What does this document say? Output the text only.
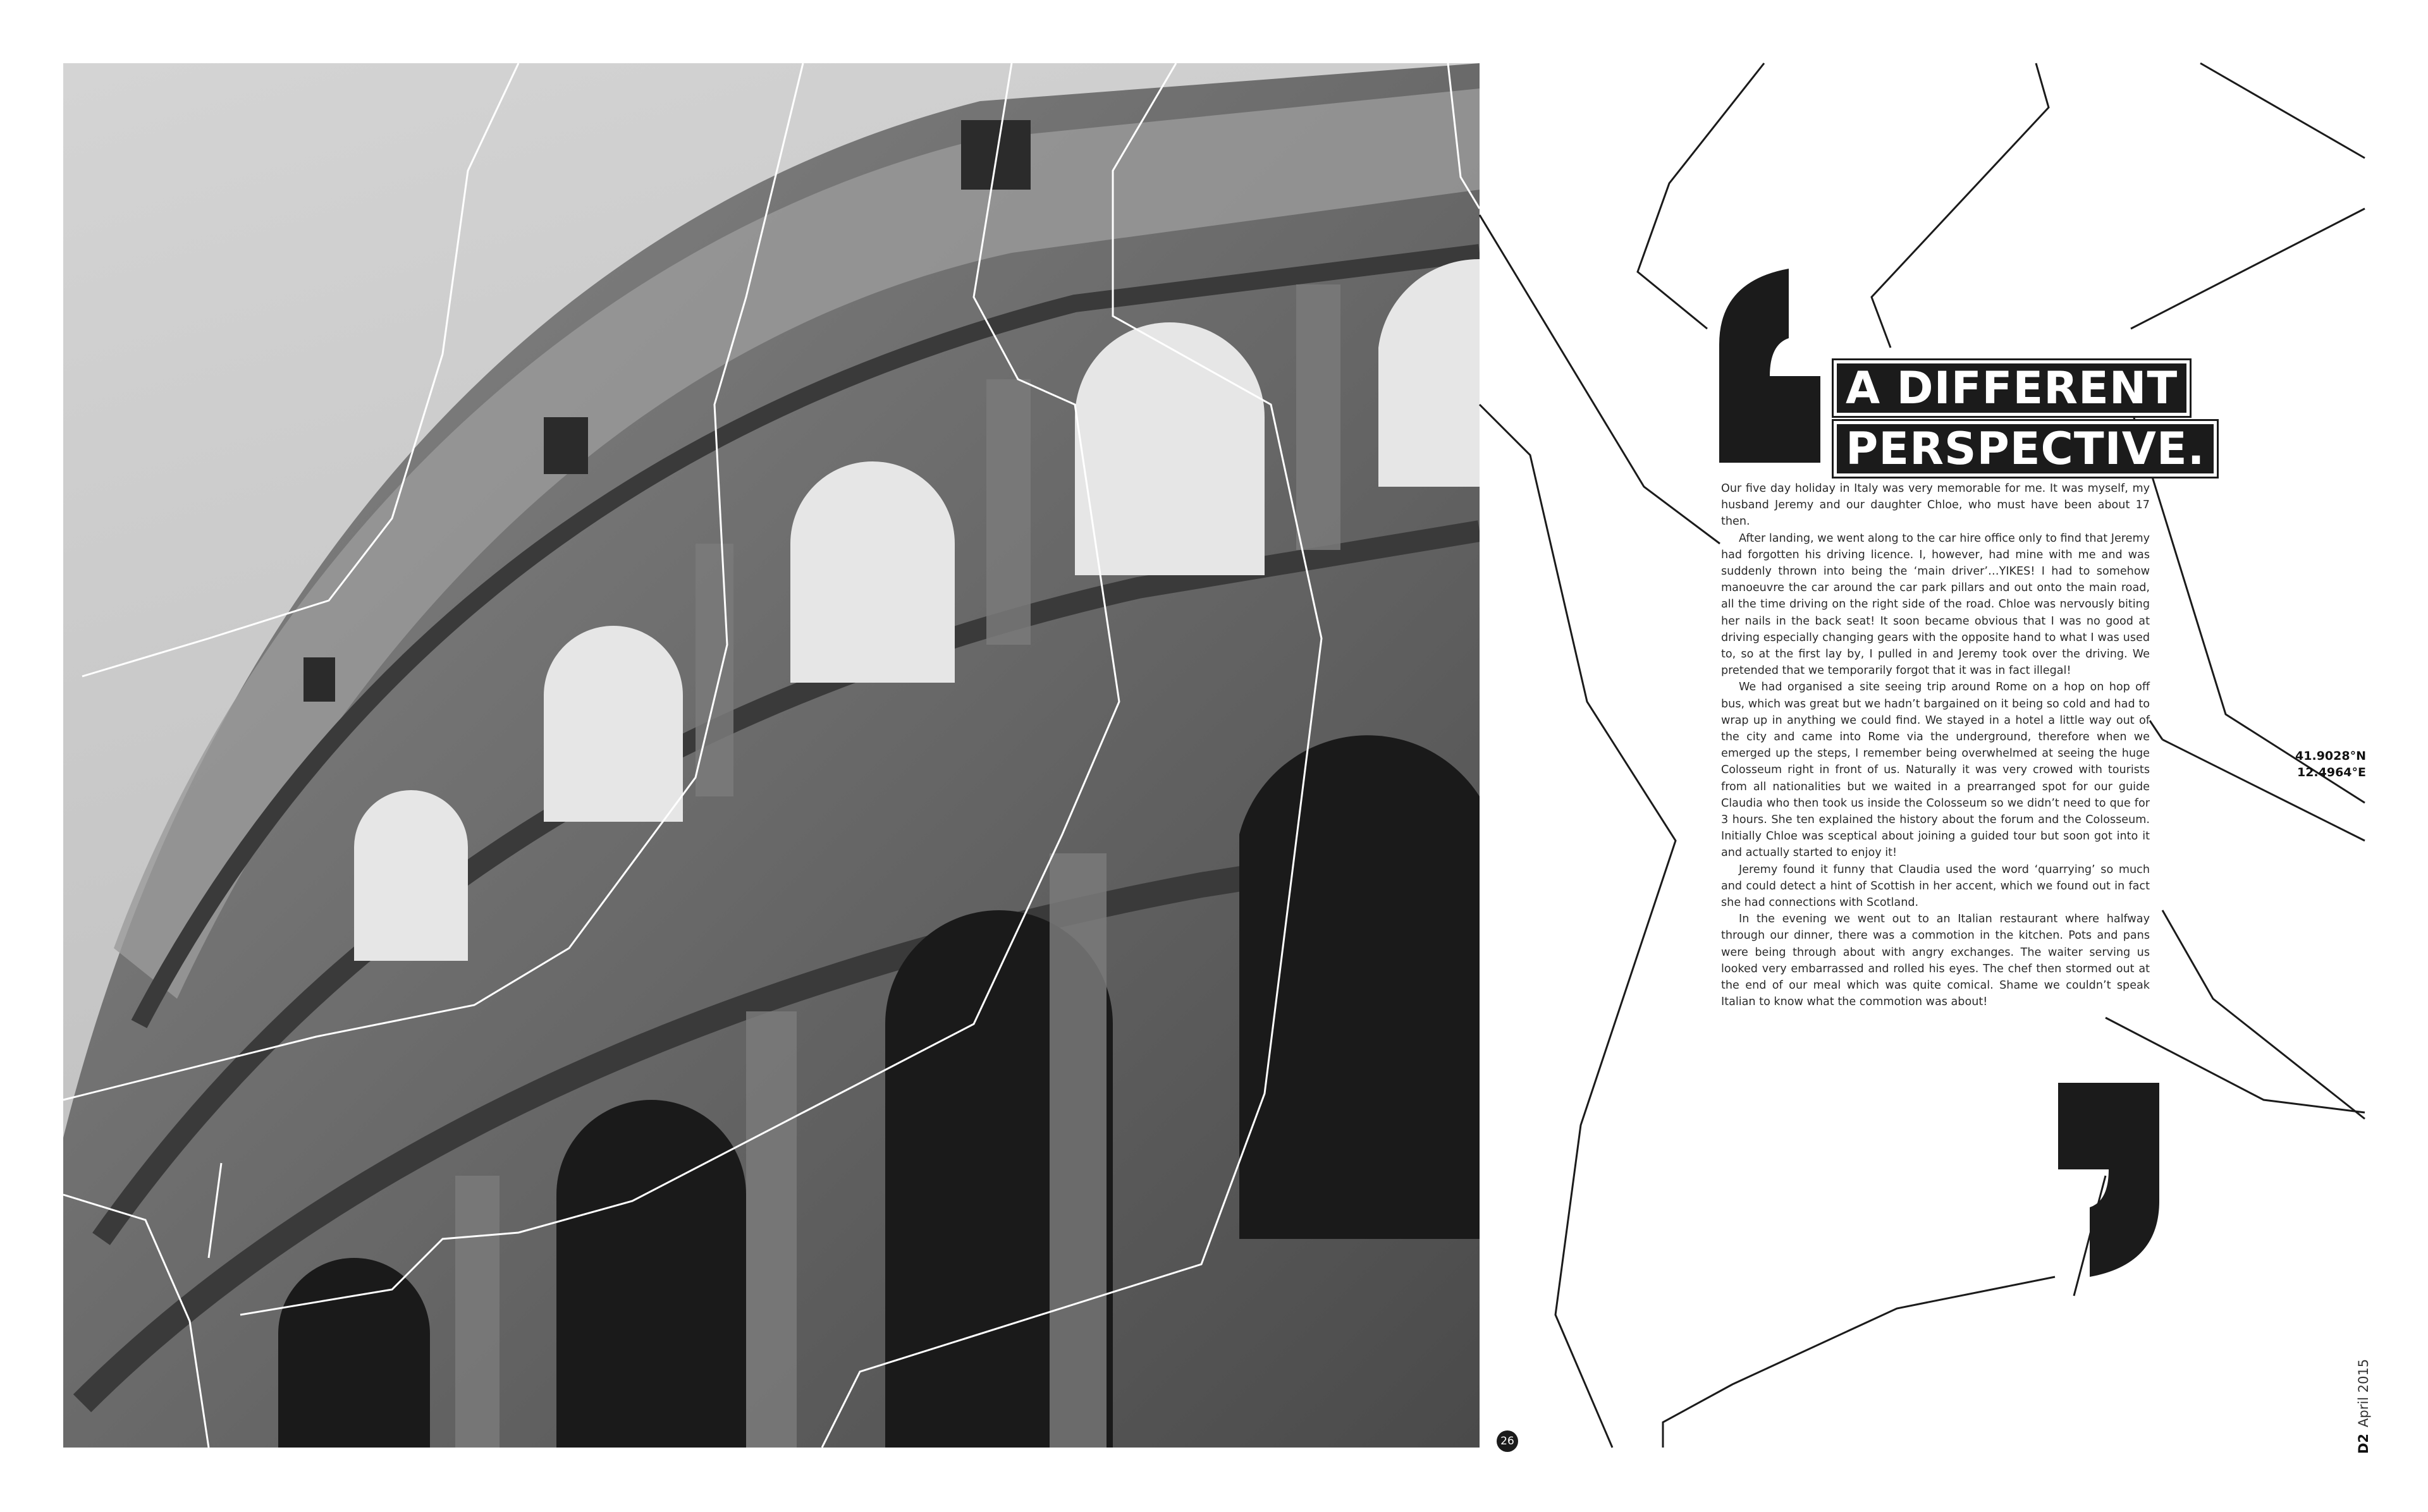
A DIFFERENT
PERSPECTIVE.

Our five day holiday in Italy was very memorable for me. It was myself, my husband Jeremy and our daughter Chloe, who must have been about 17 then.

After landing, we went along to the car hire office only to find that Jeremy had forgotten his driving licence. I, however, had mine with me and was suddenly thrown into being the ‘main driver’…YIKES! I had to somehow manoeuvre the car around the car park pillars and out onto the main road, all the time driving on the right side of the road. Chloe was nervously biting her nails in the back seat! It soon became obvious that I was no good at driving especially changing gears with the opposite hand to what I was used to, so at the first lay by, I pulled in and Jeremy took over the driving. We pretended that we temporarily forgot that it was in fact illegal!

We had organised a site seeing trip around Rome on a hop on hop off bus, which was great but we hadn’t bargained on it being so cold and had to wrap up in anything we could find. We stayed in a hotel a little way out of the city and came into Rome via the underground, therefore when we emerged up the steps, I remember being overwhelmed at seeing the huge Colosseum right in front of us. Naturally it was very crowed with tourists from all nationalities but we waited in a prearranged spot for our guide Claudia who then took us inside the Colosseum so we didn’t need to que for 3 hours. She ten explained the history about the forum and the Colosseum. Initially Chloe was sceptical about joining a guided tour but soon got into it and actually started to enjoy it!

Jeremy found it funny that Claudia used the word ‘quarrying’ so much and could detect a hint of Scottish in her accent, which we found out in fact she had connections with Scotland.

In the evening we went out to an Italian restaurant where halfway through our dinner, there was a commotion in the kitchen. Pots and pans were being through about with angry exchanges. The waiter serving us looked very embarrassed and rolled his eyes. The chef then stormed out at the end of our meal which was quite comical. Shame we couldn’t speak Italian to know what the commotion was about!

41.9028°N
12.4964°E
26	D2April 2015
